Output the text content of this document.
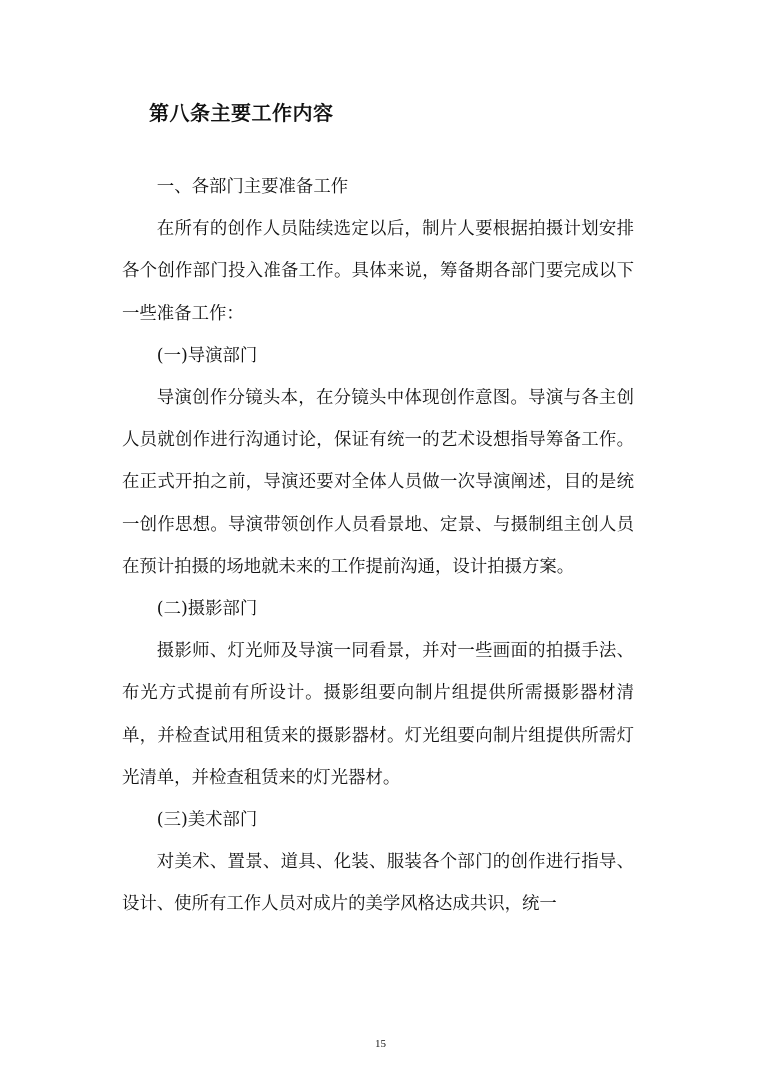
第八条主要工作内容

一、各部门主要准备工作

在所有的创作人员陆续选定以后，制片人要根据拍摄计划安排各个创作部门投入准备工作。具体来说，筹备期各部门要完成以下一些准备工作：

(一)导演部门

导演创作分镜头本，在分镜头中体现创作意图。导演与各主创人员就创作进行沟通讨论，保证有统一的艺术设想指导筹备工作。在正式开拍之前，导演还要对全体人员做一次导演阐述，目的是统一创作思想。导演带领创作人员看景地、定景、与摄制组主创人员在预计拍摄的场地就未来的工作提前沟通，设计拍摄方案。

(二)摄影部门

摄影师、灯光师及导演一同看景，并对一些画面的拍摄手法、布光方式提前有所设计。摄影组要向制片组提供所需摄影器材清单，并检查试用租赁来的摄影器材。灯光组要向制片组提供所需灯光清单，并检查租赁来的灯光器材。

(三)美术部门

对美术、置景、道具、化装、服装各个部门的创作进行指导、设计、使所有工作人员对成片的美学风格达成共识，统一

15
